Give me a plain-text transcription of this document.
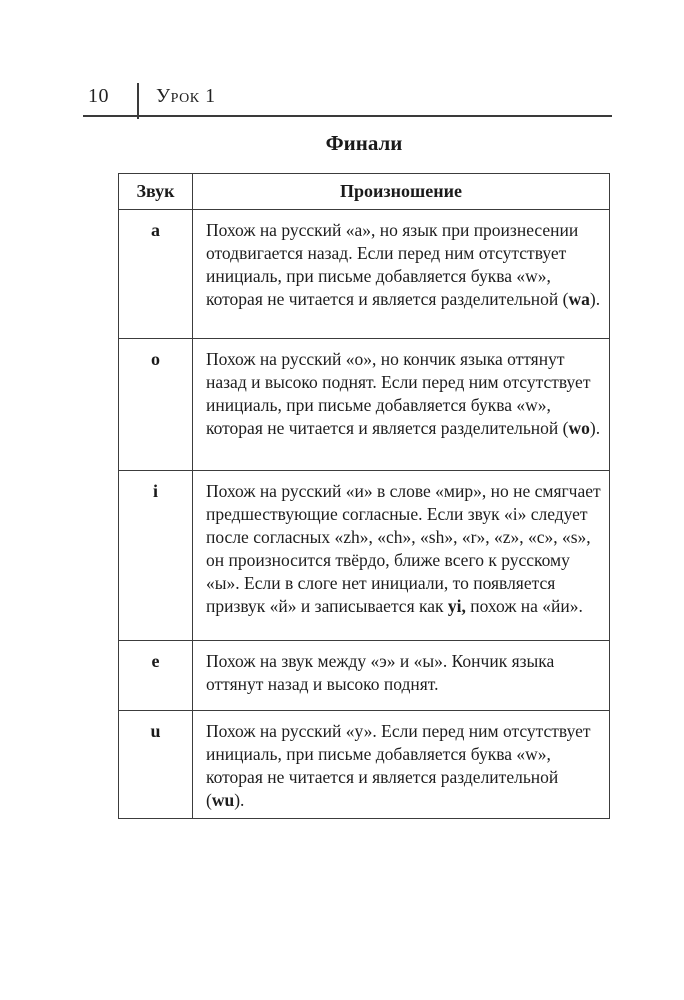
10 Урок 1
Финали
Звук	Произношение
a	Похож на русский «а», но язык при произнесении отодвигается назад. Если перед ним отсутствует инициаль, при письме добавляется буква «w», которая не читается и является разделительной (wa).
o	Похож на русский «о», но кончик языка оттянут назад и высоко поднят. Если перед ним отсутствует инициаль, при письме добавляется буква «w», которая не читается и является разделительной (wo).
i	Похож на русский «и» в слове «мир», но не смягчает предшествующие согласные. Если звук «i» следует после согласных «zh», «ch», «sh», «r», «z», «c», «s», он произносится твёрдо, ближе всего к русскому «ы». Если в слоге нет инициали, то появляется призвук «й» и записывается как yi, похож на «йи».
e	Похож на звук между «э» и «ы». Кончик языка оттянут назад и высоко поднят.
u	Похож на русский «у». Если перед ним отсутствует инициаль, при письме добавляется буква «w», которая не читается и является разделительной (wu).
